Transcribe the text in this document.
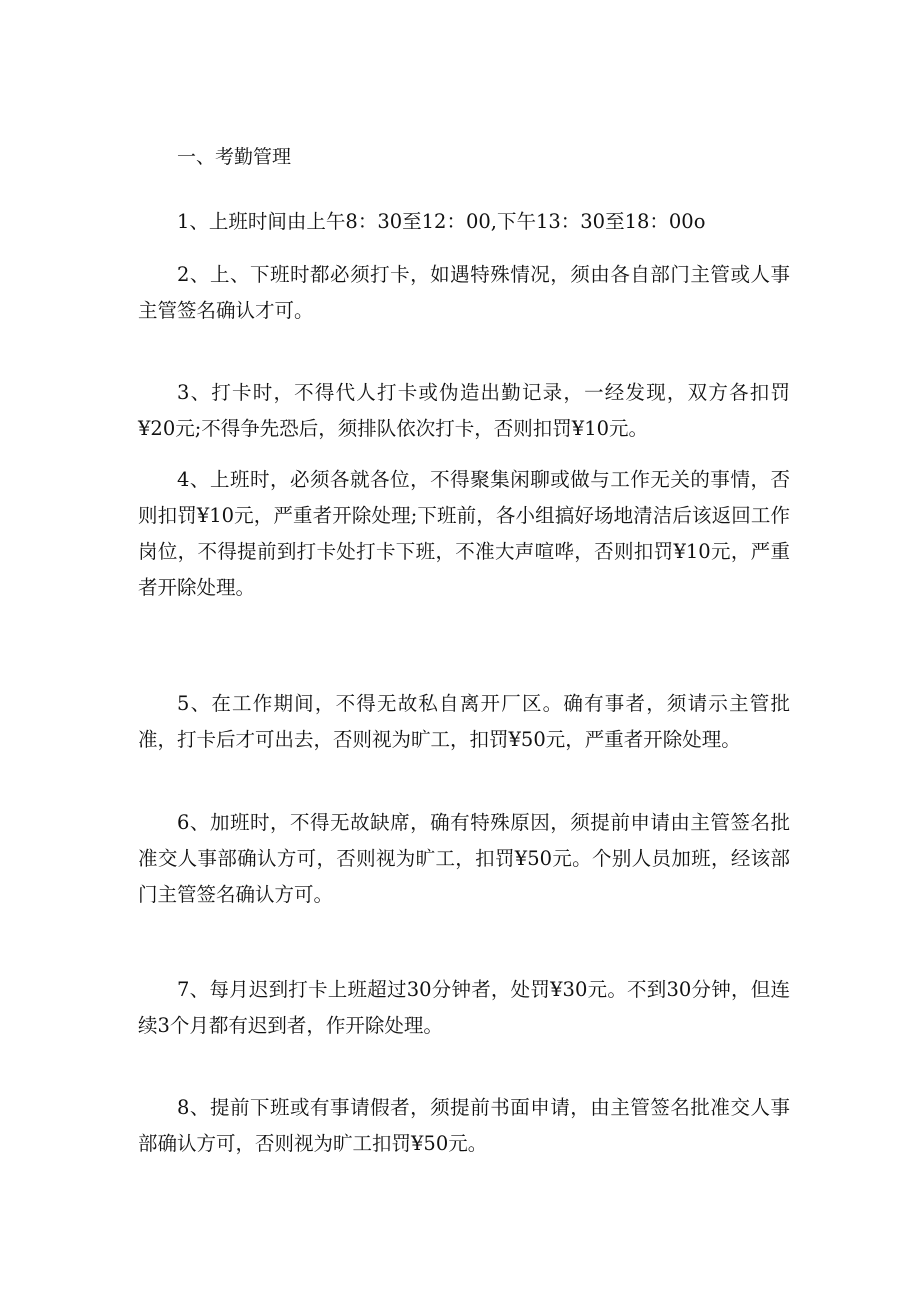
一、考勤管理

1、上班时间由上午8：30至12：00,下午13：30至18：00o

2、上、下班时都必须打卡，如遇特殊情况，须由各自部门主管或人事主管签名确认才可。

3、打卡时，不得代人打卡或伪造出勤记录，一经发现，双方各扣罚¥20元;不得争先恐后，须排队依次打卡，否则扣罚¥10元。

4、上班时，必须各就各位，不得聚集闲聊或做与工作无关的事情，否则扣罚¥10元，严重者开除处理;下班前，各小组搞好场地清洁后该返回工作岗位，不得提前到打卡处打卡下班，不准大声喧哗，否则扣罚¥10元，严重者开除处理。

5、在工作期间，不得无故私自离开厂区。确有事者，须请示主管批准，打卡后才可出去，否则视为旷工，扣罚¥50元，严重者开除处理。

6、加班时，不得无故缺席，确有特殊原因，须提前申请由主管签名批准交人事部确认方可，否则视为旷工，扣罚¥50元。个别人员加班，经该部门主管签名确认方可。

7、每月迟到打卡上班超过30分钟者，处罚¥30元。不到30分钟，但连续3个月都有迟到者，作开除处理。

8、提前下班或有事请假者，须提前书面申请，由主管签名批准交人事部确认方可，否则视为旷工扣罚¥50元。
